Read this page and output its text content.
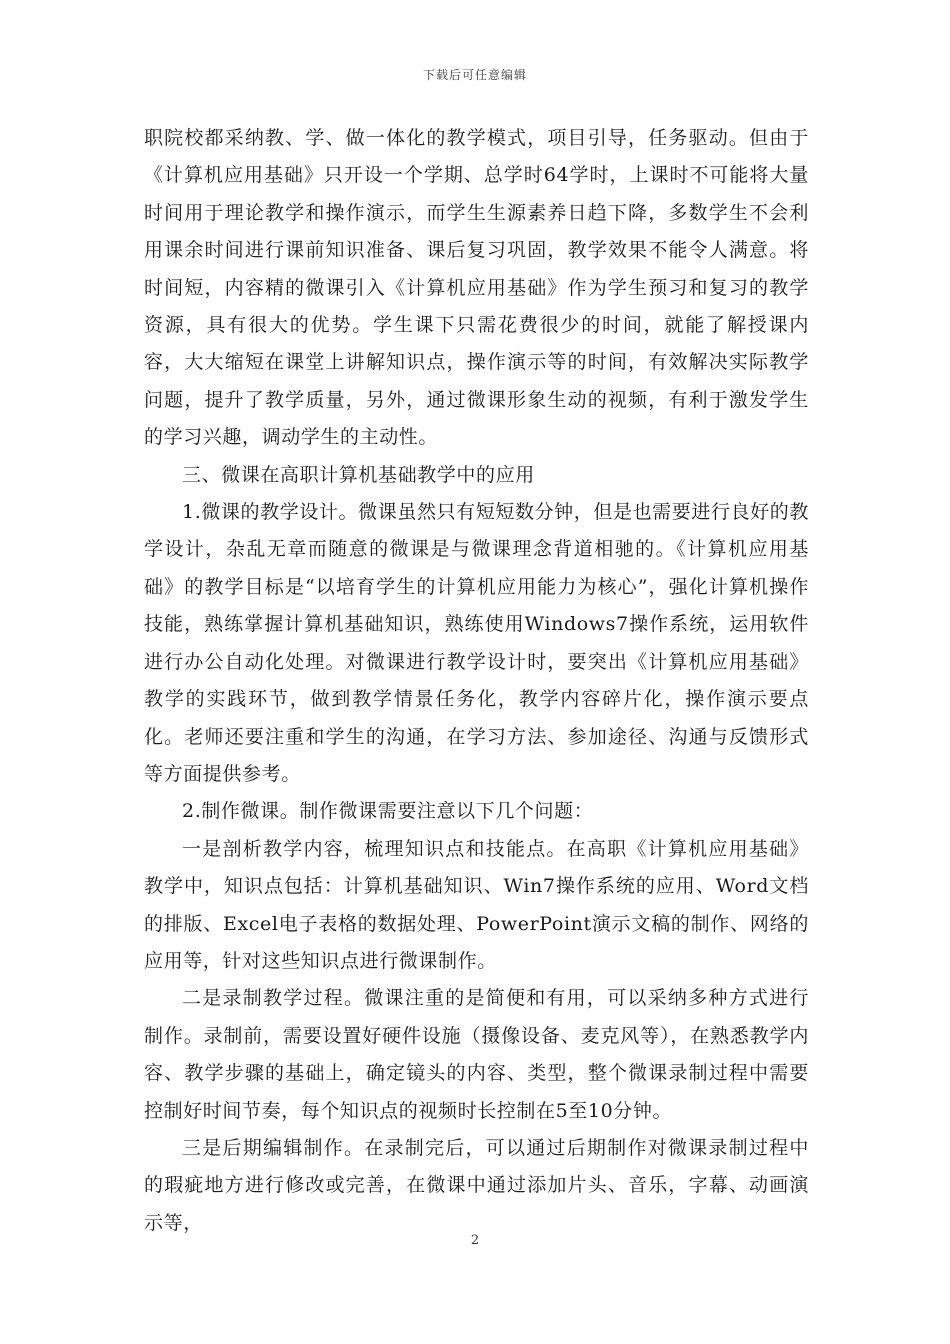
下载后可任意编辑

职院校都采纳教、学、做一体化的教学模式，项目引导，任务驱动。但由于《计算机应用基础》只开设一个学期、总学时64学时，上课时不可能将大量时间用于理论教学和操作演示，而学生生源素养日趋下降，多数学生不会利用课余时间进行课前知识准备、课后复习巩固，教学效果不能令人满意。将时间短，内容精的微课引入《计算机应用基础》作为学生预习和复习的教学资源，具有很大的优势。学生课下只需花费很少的时间，就能了解授课内容，大大缩短在课堂上讲解知识点，操作演示等的时间，有效解决实际教学问题，提升了教学质量，另外，通过微课形象生动的视频，有利于激发学生的学习兴趣，调动学生的主动性。

三、微课在高职计算机基础教学中的应用

1.微课的教学设计。微课虽然只有短短数分钟，但是也需要进行良好的教学设计，杂乱无章而随意的微课是与微课理念背道相驰的。《计算机应用基础》的教学目标是“以培育学生的计算机应用能力为核心”，强化计算机操作技能，熟练掌握计算机基础知识，熟练使用Windows7操作系统，运用软件进行办公自动化处理。对微课进行教学设计时，要突出《计算机应用基础》教学的实践环节，做到教学情景任务化，教学内容碎片化，操作演示要点化。老师还要注重和学生的沟通，在学习方法、参加途径、沟通与反馈形式等方面提供参考。

2.制作微课。制作微课需要注意以下几个问题：

一是剖析教学内容，梳理知识点和技能点。在高职《计算机应用基础》教学中，知识点包括：计算机基础知识、Win7操作系统的应用、Word文档的排版、Excel电子表格的数据处理、PowerPoint演示文稿的制作、网络的应用等，针对这些知识点进行微课制作。

二是录制教学过程。微课注重的是简便和有用，可以采纳多种方式进行制作。录制前，需要设置好硬件设施（摄像设备、麦克风等），在熟悉教学内容、教学步骤的基础上，确定镜头的内容、类型，整个微课录制过程中需要控制好时间节奏，每个知识点的视频时长控制在5至10分钟。

三是后期编辑制作。在录制完后，可以通过后期制作对微课录制过程中的瑕疵地方进行修改或完善，在微课中通过添加片头、音乐，字幕、动画演示等，

2
